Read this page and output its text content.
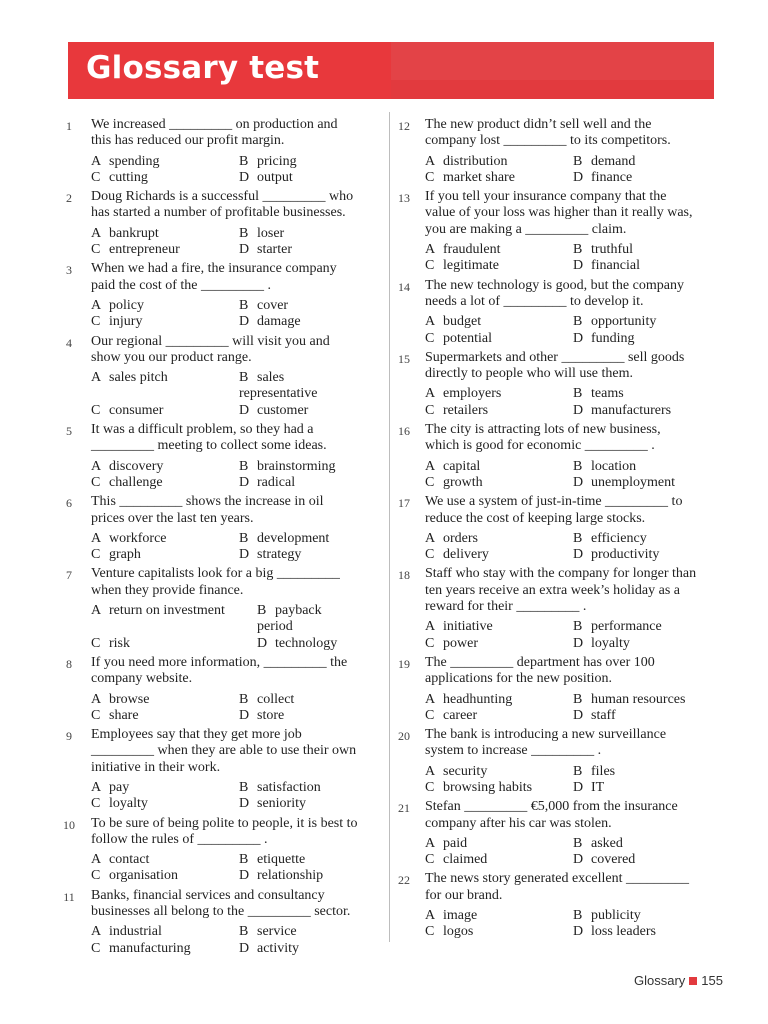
Glossary test
1	We increased _________ on production and this has reduced our profit margin.
A spending	B pricing
C cutting	D output
2	Doug Richards is a successful _________ who has started a number of profitable businesses.
A bankrupt	B loser
C entrepreneur	D starter
3	When we had a fire, the insurance company paid the cost of the _________ .
A policy	B cover
C injury	D damage
4	Our regional _________ will visit you and show you our product range.
A sales pitch	B sales representative
C consumer	D customer
5	It was a difficult problem, so they had a _________ meeting to collect some ideas.
A discovery	B brainstorming
C challenge	D radical
6	This _________ shows the increase in oil prices over the last ten years.
A workforce	B development
C graph	D strategy
7	Venture capitalists look for a big _________ when they provide finance.
A return on investment	B payback period
C risk	D technology
8	If you need more information, _________ the company website.
A browse	B collect
C share	D store
9	Employees say that they get more job _________ when they are able to use their own initiative in their work.
A pay	B satisfaction
C loyalty	D seniority
10	To be sure of being polite to people, it is best to follow the rules of _________ .
A contact	B etiquette
C organisation	D relationship
11	Banks, financial services and consultancy businesses all belong to the _________ sector.
A industrial	B service
C manufacturing	D activity
12	The new product didn’t sell well and the company lost _________ to its competitors.
A distribution	B demand
C market share	D finance
13	If you tell your insurance company that the value of your loss was higher than it really was, you are making a _________ claim.
A fraudulent	B truthful
C legitimate	D financial
14	The new technology is good, but the company needs a lot of _________ to develop it.
A budget	B opportunity
C potential	D funding
15	Supermarkets and other _________ sell goods directly to people who will use them.
A employers	B teams
C retailers	D manufacturers
16	The city is attracting lots of new business, which is good for economic _________ .
A capital	B location
C growth	D unemployment
17	We use a system of just-in-time _________ to reduce the cost of keeping large stocks.
A orders	B efficiency
C delivery	D productivity
18	Staff who stay with the company for longer than ten years receive an extra week’s holiday as a reward for their _________ .
A initiative	B performance
C power	D loyalty
19	The _________ department has over 100 applications for the new position.
A headhunting	B human resources
C career	D staff
20	The bank is introducing a new surveillance system to increase _________ .
A security	B files
C browsing habits	D IT
21	Stefan _________ €5,000 from the insurance company after his car was stolen.
A paid	B asked
C claimed	D covered
22	The news story generated excellent _________ for our brand.
A image	B publicity
C logos	D loss leaders
Glossary 155
